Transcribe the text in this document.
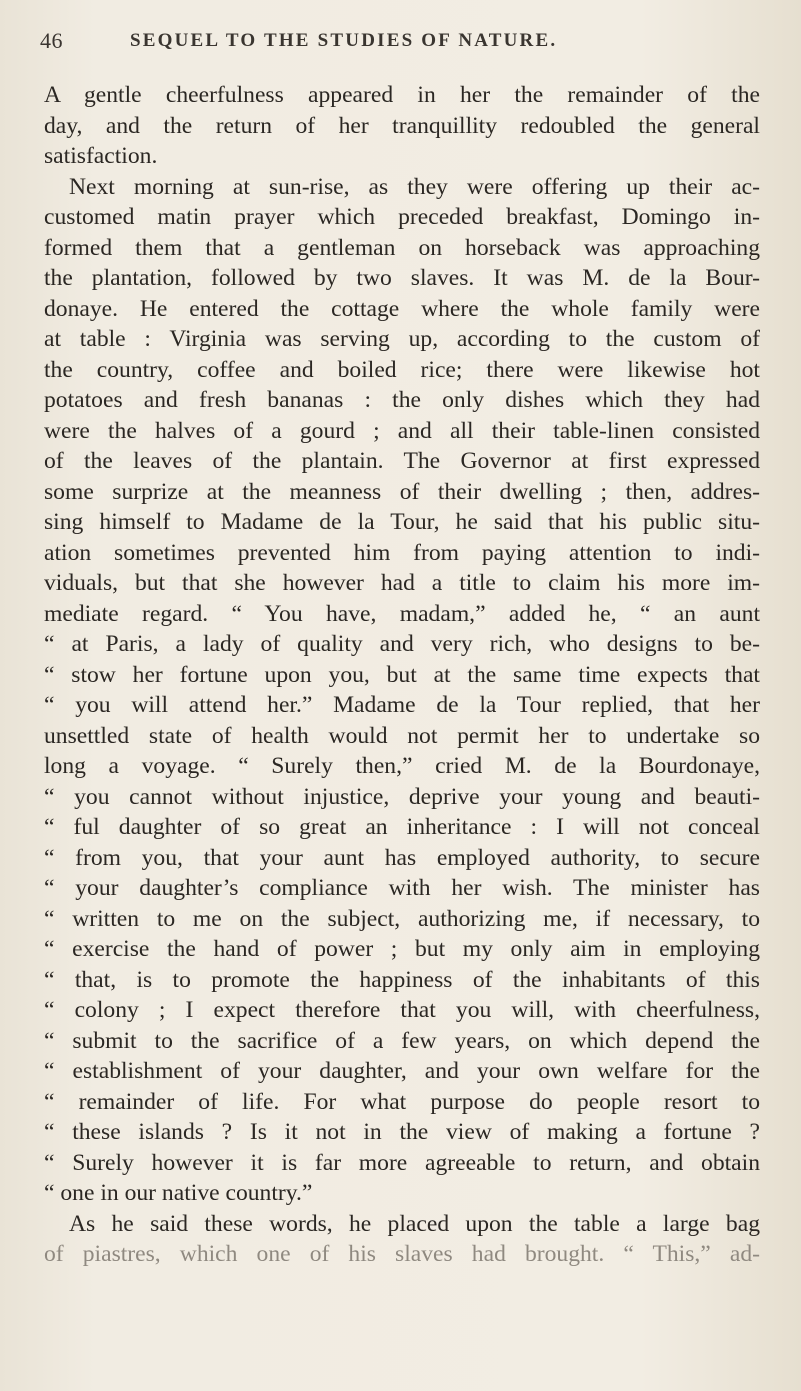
46	SEQUEL TO THE STUDIES OF NATURE.
A gentle cheerfulness appeared in her the remainder of the
day, and the return of her tranquillity redoubled the general
satisfaction.
Next morning at sun-rise, as they were offering up their ac-
customed matin prayer which preceded breakfast, Domingo in-
formed them that a gentleman on horseback was approaching
the plantation, followed by two slaves. It was M. de la Bour-
donaye. He entered the cottage where the whole family were
at table : Virginia was serving up, according to the custom of
the country, coffee and boiled rice; there were likewise hot
potatoes and fresh bananas : the only dishes which they had
were the halves of a gourd ; and all their table-linen consisted
of the leaves of the plantain. The Governor at first expressed
some surprize at the meanness of their dwelling ; then, addres-
sing himself to Madame de la Tour, he said that his public situ-
ation sometimes prevented him from paying attention to indi-
viduals, but that she however had a title to claim his more im-
mediate regard. “ You have, madam,” added he, “ an aunt
“ at Paris, a lady of quality and very rich, who designs to be-
“ stow her fortune upon you, but at the same time expects that
“ you will attend her.” Madame de la Tour replied, that her
unsettled state of health would not permit her to undertake so
long a voyage. “ Surely then,” cried M. de la Bourdonaye,
“ you cannot without injustice, deprive your young and beauti-
“ ful daughter of so great an inheritance : I will not conceal
“ from you, that your aunt has employed authority, to secure
“ your daughter’s compliance with her wish. The minister has
“ written to me on the subject, authorizing me, if necessary, to
“ exercise the hand of power ; but my only aim in employing
“ that, is to promote the happiness of the inhabitants of this
“ colony ; I expect therefore that you will, with cheerfulness,
“ submit to the sacrifice of a few years, on which depend the
“ establishment of your daughter, and your own welfare for the
“ remainder of life. For what purpose do people resort to
“ these islands ? Is it not in the view of making a fortune ?
“ Surely however it is far more agreeable to return, and obtain
“ one in our native country.”
As he said these words, he placed upon the table a large bag
of piastres, which one of his slaves had brought. “ This,” ad-
